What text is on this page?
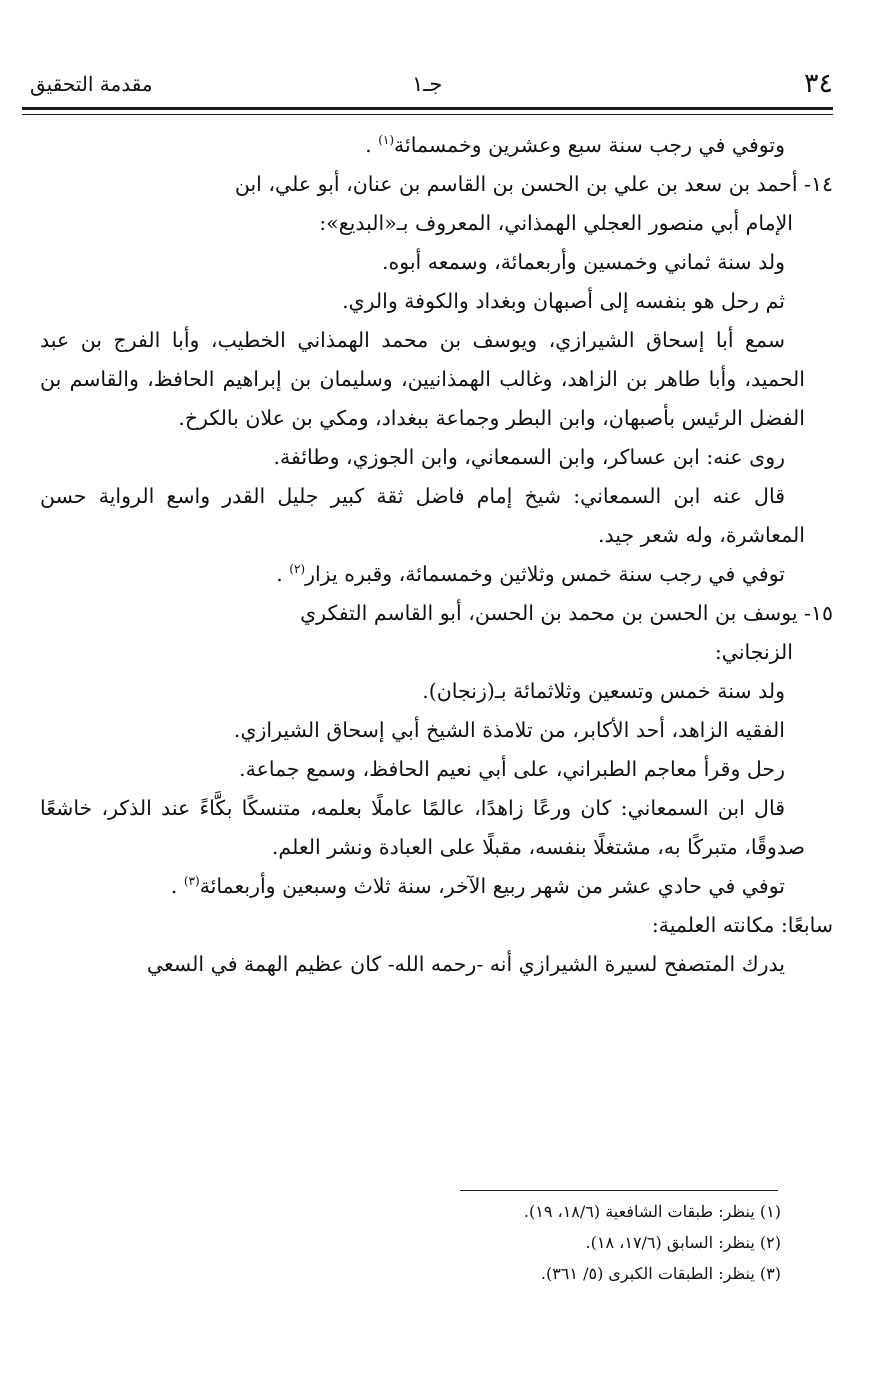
٣٤
جـ١
مقدمة التحقيق

وتوفي في رجب سنة سبع وعشرين وخمسمائة$^{(١)}$ .

١٤- أحمد بن سعد بن علي بن الحسن بن القاسم بن عنان، أبو علي، ابن

الإمام أبي منصور العجلي الهمذاني، المعروف بـ«البديع»:

ولد سنة ثماني وخمسين وأربعمائة، وسمعه أبوه.

ثم رحل هو بنفسه إلى أصبهان وبغداد والكوفة والري.

سمع أبا إسحاق الشيرازي، ويوسف بن محمد الهمذاني الخطيب، وأبا الفرج بن عبد الحميد، وأبا طاهر بن الزاهد، وغالب الهمذانيين، وسليمان بن إبراهيم الحافظ، والقاسم بن الفضل الرئيس بأصبهان، وابن البطر وجماعة ببغداد، ومكي بن علان بالكرخ.

روى عنه: ابن عساكر، وابن السمعاني، وابن الجوزي، وطائفة.

قال عنه ابن السمعاني: شيخ إمام فاضل ثقة كبير جليل القدر واسع الرواية حسن المعاشرة، وله شعر جيد.

توفي في رجب سنة خمس وثلاثين وخمسمائة، وقبره يزار$^{(٢)}$ .

١٥- يوسف بن الحسن بن محمد بن الحسن، أبو القاسم التفكري

الزنجاني:

ولد سنة خمس وتسعين وثلاثمائة بـ(زنجان).

الفقيه الزاهد، أحد الأكابر، من تلامذة الشيخ أبي إسحاق الشيرازي.

رحل وقرأ معاجم الطبراني، على أبي نعيم الحافظ، وسمع جماعة.

قال ابن السمعاني: كان ورعًا زاهدًا، عالمًا عاملًا بعلمه، متنسكًا بكَّاءً عند الذكر، خاشعًا صدوقًا، متبركًا به، مشتغلًا بنفسه، مقبلًا على العبادة ونشر العلم.

توفي في حادي عشر من شهر ربيع الآخر، سنة ثلاث وسبعين وأربعمائة$^{(٣)}$ .

سابعًا: مكانته العلمية:

يدرك المتصفح لسيرة الشيرازي أنه -رحمه الله- كان عظيم الهمة في السعي

(١) ينظر: طبقات الشافعية (١٨/٦، ١٩).

(٢) ينظر: السابق (١٧/٦، ١٨).

(٣) ينظر: الطبقات الكبرى (٥/ ٣٦١).
